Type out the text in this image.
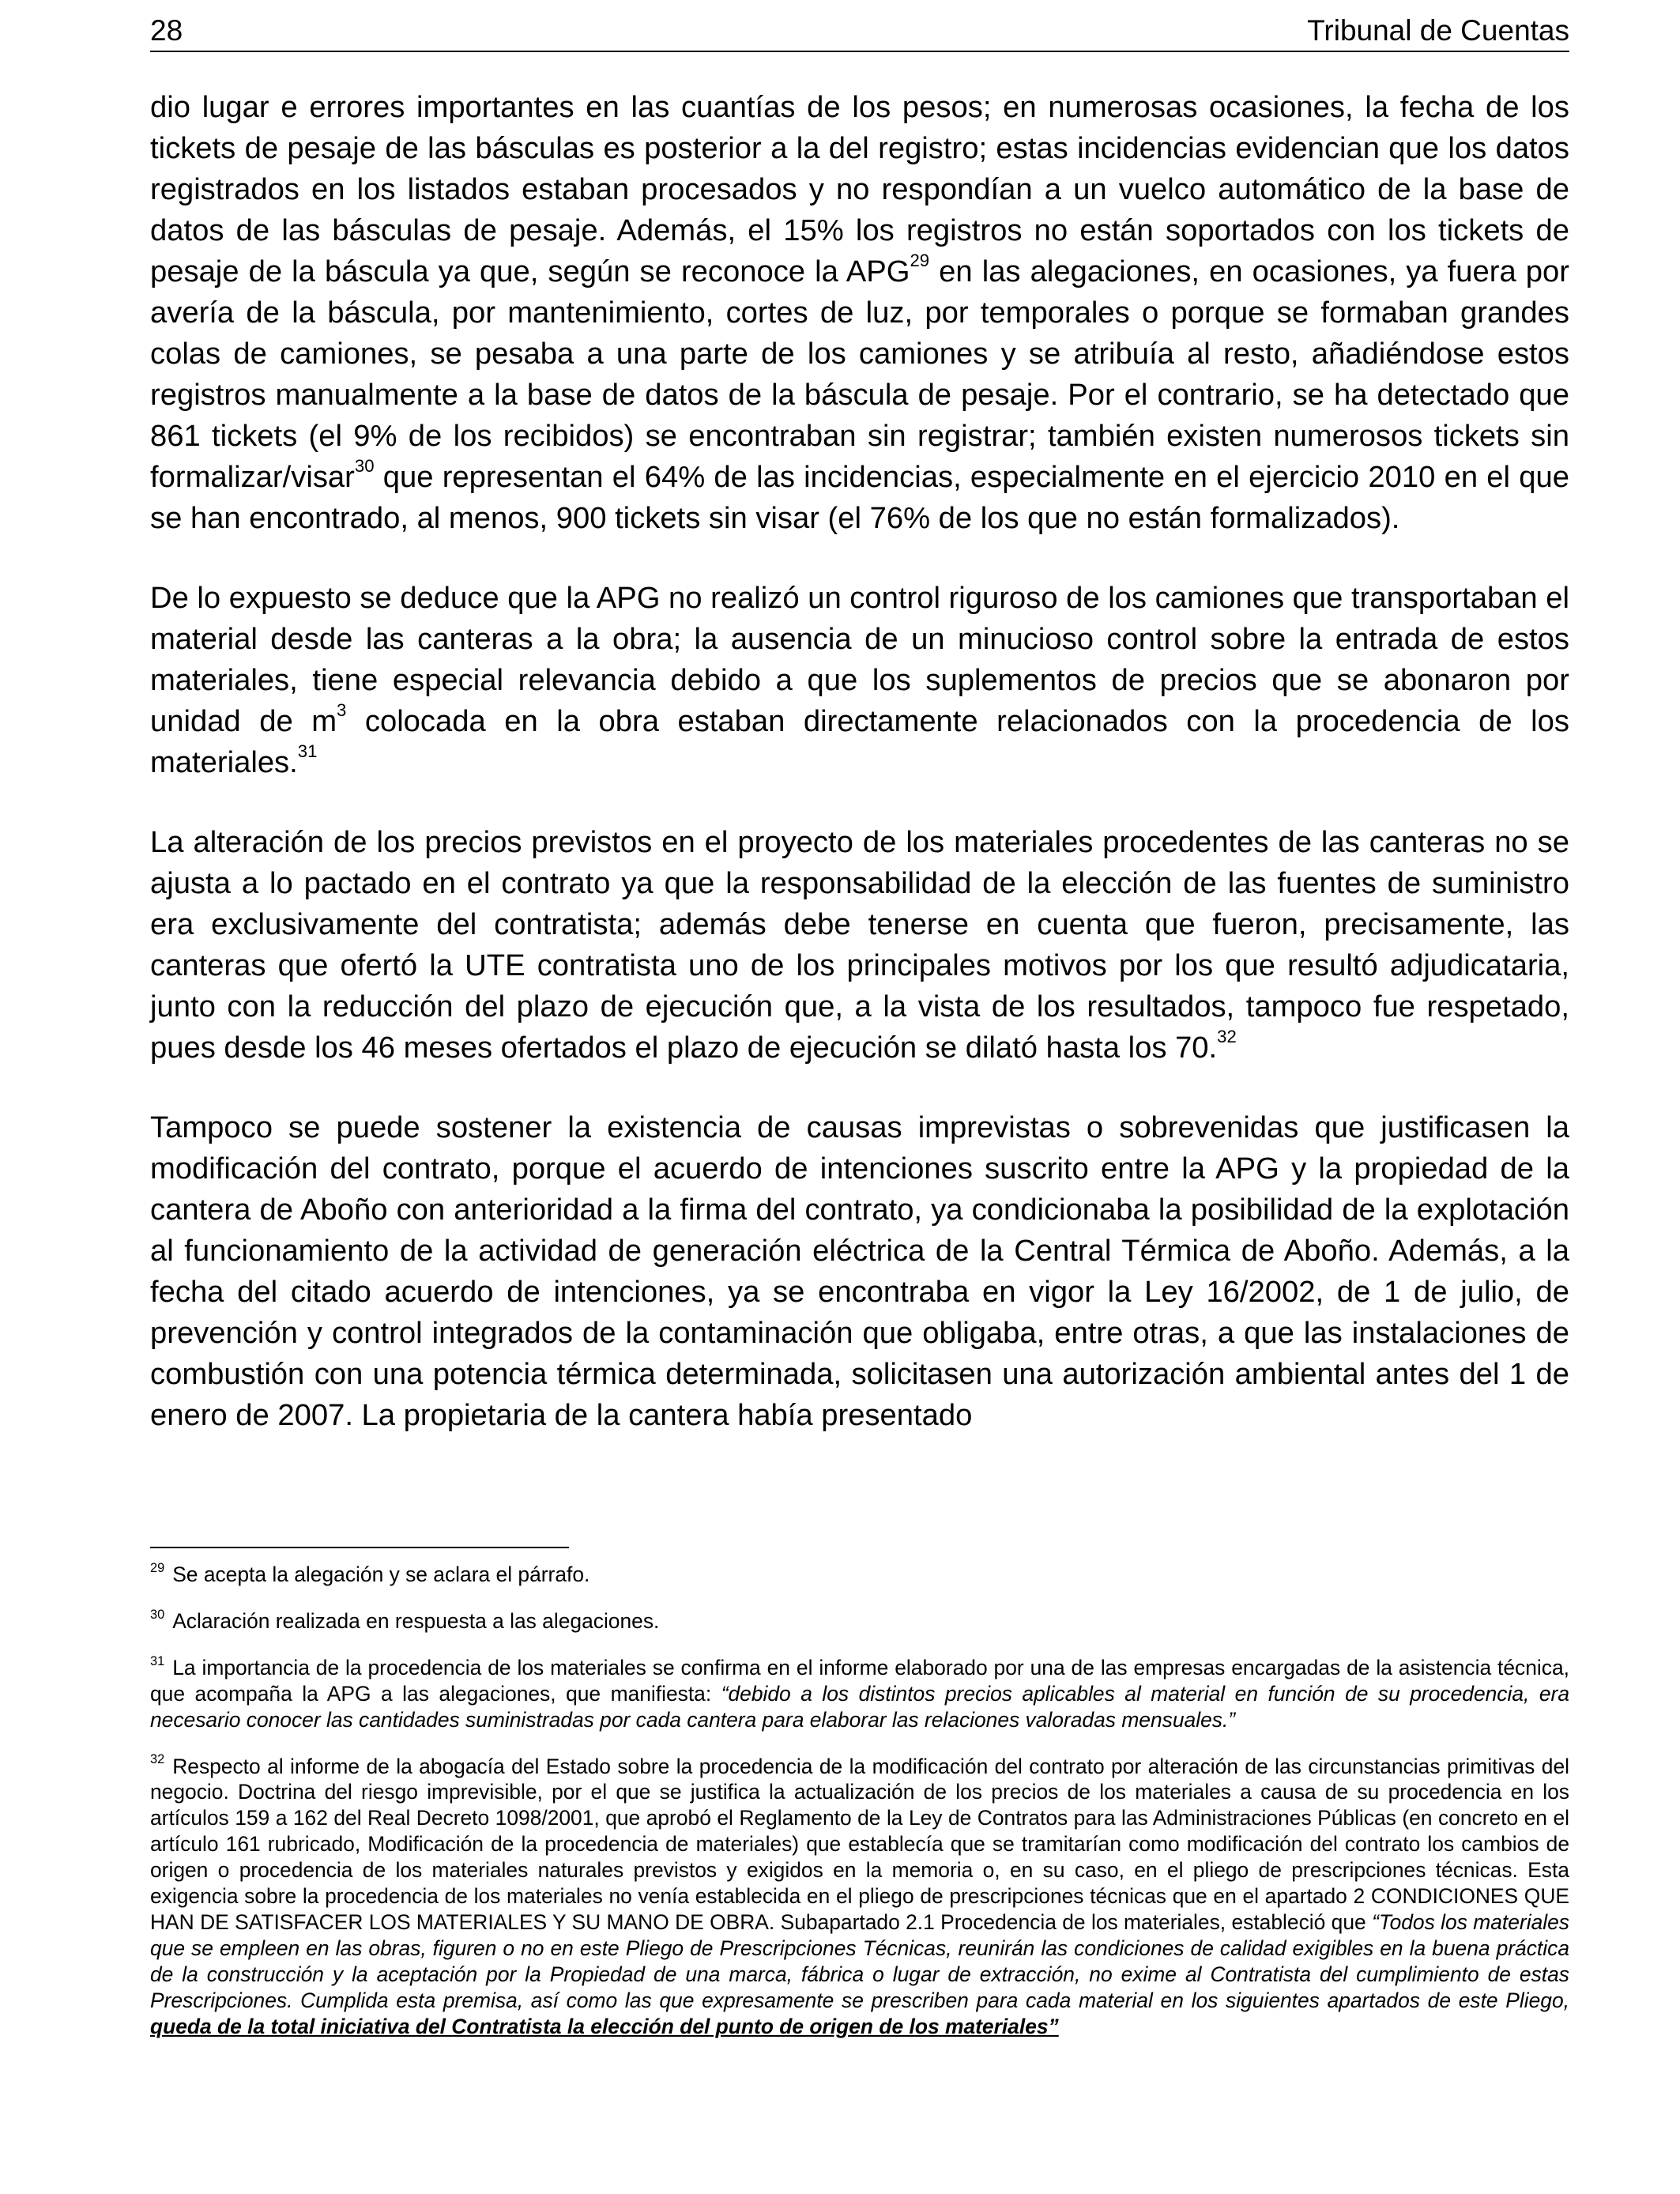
28	Tribunal de Cuentas

dio lugar e errores importantes en las cuantías de los pesos; en numerosas ocasiones, la fecha de los tickets de pesaje de las básculas es posterior a la del registro; estas incidencias evidencian que los datos registrados en los listados estaban procesados y no respondían a un vuelco automático de la base de datos de las básculas de pesaje. Además, el 15% los registros no están soportados con los tickets de pesaje de la báscula ya que, según se reconoce la APG$^{29}$ en las alegaciones, en ocasiones, ya fuera por avería de la báscula, por mantenimiento, cortes de luz, por temporales o porque se formaban grandes colas de camiones, se pesaba a una parte de los camiones y se atribuía al resto, añadiéndose estos registros manualmente a la base de datos de la báscula de pesaje. Por el contrario, se ha detectado que 861 tickets (el 9% de los recibidos) se encontraban sin registrar; también existen numerosos tickets sin formalizar/visar$^{30}$ que representan el 64% de las incidencias, especialmente en el ejercicio 2010 en el que se han encontrado, al menos, 900 tickets sin visar (el 76% de los que no están formalizados).

De lo expuesto se deduce que la APG no realizó un control riguroso de los camiones que transportaban el material desde las canteras a la obra; la ausencia de un minucioso control sobre la entrada de estos materiales, tiene especial relevancia debido a que los suplementos de precios que se abonaron por unidad de $m^3$ colocada en la obra estaban directamente relacionados con la procedencia de los materiales.$^{31}$

La alteración de los precios previstos en el proyecto de los materiales procedentes de las canteras no se ajusta a lo pactado en el contrato ya que la responsabilidad de la elección de las fuentes de suministro era exclusivamente del contratista; además debe tenerse en cuenta que fueron, precisamente, las canteras que ofertó la UTE contratista uno de los principales motivos por los que resultó adjudicataria, junto con la reducción del plazo de ejecución que, a la vista de los resultados, tampoco fue respetado, pues desde los 46 meses ofertados el plazo de ejecución se dilató hasta los 70.32

Tampoco se puede sostener la existencia de causas imprevistas o sobrevenidas que justificasen la modificación del contrato, porque el acuerdo de intenciones suscrito entre la APG y la propiedad de la cantera de Aboño con anterioridad a la firma del contrato, ya condicionaba la posibilidad de la explotación al funcionamiento de la actividad de generación eléctrica de la Central Térmica de Aboño. Además, a la fecha del citado acuerdo de intenciones, ya se encontraba en vigor la Ley 16/2002, de 1 de julio, de prevención y control integrados de la contaminación que obligaba, entre otras, a que las instalaciones de combustión con una potencia térmica determinada, solicitasen una autorización ambiental antes del 1 de enero de 2007. La propietaria de la cantera había presentado

$^{29}$ Se acepta la alegación y se aclara el párrafo.

$^{30}$ Aclaración realizada en respuesta a las alegaciones.

$^{31}$ La importancia de la procedencia de los materiales se confirma en el informe elaborado por una de las empresas encargadas de la asistencia técnica, que acompaña la APG a las alegaciones, que manifiesta: “debido a los distintos precios aplicables al material en función de su procedencia, era necesario conocer las cantidades suministradas por cada cantera para elaborar las relaciones valoradas mensuales.”

$^{32}$ Respecto al informe de la abogacía del Estado sobre la procedencia de la modificación del contrato por alteración de las circunstancias primitivas del negocio. Doctrina del riesgo imprevisible, por el que se justifica la actualización de los precios de los materiales a causa de su procedencia en los artículos 159 a 162 del Real Decreto 1098/2001, que aprobó el Reglamento de la Ley de Contratos para las Administraciones Públicas (en concreto en el artículo 161 rubricado, Modificación de la procedencia de materiales) que establecía que se tramitarían como modificación del contrato los cambios de origen o procedencia de los materiales naturales previstos y exigidos en la memoria o, en su caso, en el pliego de prescripciones técnicas. Esta exigencia sobre la procedencia de los materiales no venía establecida en el pliego de prescripciones técnicas que en el apartado 2 CONDICIONES QUE HAN DE SATISFACER LOS MATERIALES Y SU MANO DE OBRA. Subapartado 2.1 Procedencia de los materiales, estableció que “Todos los materiales que se empleen en las obras, figuren o no en este Pliego de Prescripciones Técnicas, reunirán las condiciones de calidad exigibles en la buena práctica de la construcción y la aceptación por la Propiedad de una marca, fábrica o lugar de extracción, no exime al Contratista del cumplimiento de estas Prescripciones. Cumplida esta premisa, así como las que expresamente se prescriben para cada material en los siguientes apartados de este Pliego, queda de la total iniciativa del Contratista la elección del punto de origen de los materiales”
